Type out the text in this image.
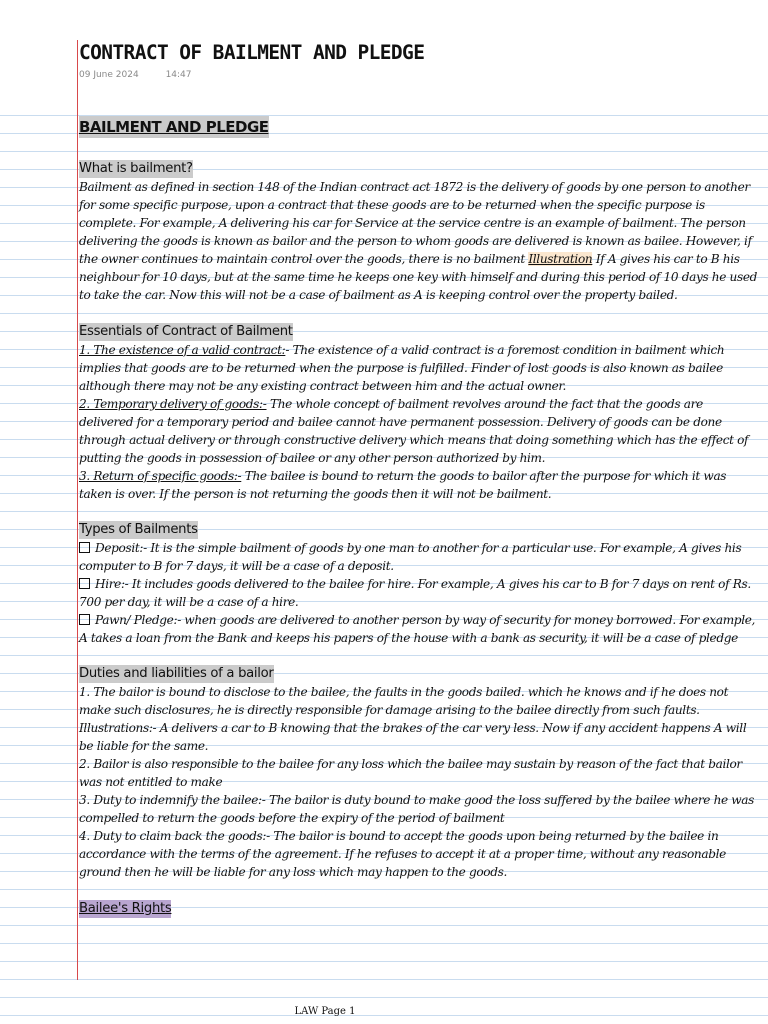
CONTRACT OF BAILMENT AND PLEDGE
09 June 2024	14:47
BAILMENT AND PLEDGE
What is bailment?

Bailment as defined in section 148 of the Indian contract act 1872 is the delivery of goods by one person to another for some specific purpose, upon a contract that these goods are to be returned when the specific purpose is complete. For example, A delivering his car for Service at the service centre is an example of bailment. The person delivering the goods is known as bailor and the person to whom goods are delivered is known as bailee. However, if the owner continues to maintain control over the goods, there is no bailment Illustration If A gives his car to B his neighbour for 10 days, but at the same time he keeps one key with himself and during this period of 10 days he used to take the car. Now this will not be a case of bailment as A is keeping control over the property bailed.

Essentials of Contract of Bailment

1. The existence of a valid contract:- The existence of a valid contract is a foremost condition in bailment which implies that goods are to be returned when the purpose is fulfilled. Finder of lost goods is also known as bailee although there may not be any existing contract between him and the actual owner.

2. Temporary delivery of goods:- The whole concept of bailment revolves around the fact that the goods are delivered for a temporary period and bailee cannot have permanent possession. Delivery of goods can be done through actual delivery or through constructive delivery which means that doing something which has the effect of putting the goods in possession of bailee or any other person authorized by him.

3. Return of specific goods:- The bailee is bound to return the goods to bailor after the purpose for which it was taken is over. If the person is not returning the goods then it will not be bailment.

Types of Bailments

Deposit:- It is the simple bailment of goods by one man to another for a particular use. For example, A gives his computer to B for 7 days, it will be a case of a deposit.

Hire:- It includes goods delivered to the bailee for hire. For example, A gives his car to B for 7 days on rent of Rs. 700 per day, it will be a case of a hire.

Pawn/ Pledge:- when goods are delivered to another person by way of security for money borrowed. For example, A takes a loan from the Bank and keeps his papers of the house with a bank as security, it will be a case of pledge

Duties and liabilities of a bailor

1. The bailor is bound to disclose to the bailee, the faults in the goods bailed. which he knows and if he does not make such disclosures, he is directly responsible for damage arising to the bailee directly from such faults. Illustrations:- A delivers a car to B knowing that the brakes of the car very less. Now if any accident happens A will be liable for the same.

2. Bailor is also responsible to the bailee for any loss which the bailee may sustain by reason of the fact that bailor was not entitled to make

3. Duty to indemnify the bailee:- The bailor is duty bound to make good the loss suffered by the bailee where he was compelled to return the goods before the expiry of the period of bailment

4. Duty to claim back the goods:- The bailor is bound to accept the goods upon being returned by the bailee in accordance with the terms of the agreement. If he refuses to accept it at a proper time, without any reasonable ground then he will be liable for any loss which may happen to the goods.

Bailee's Rights
LAW Page 1
